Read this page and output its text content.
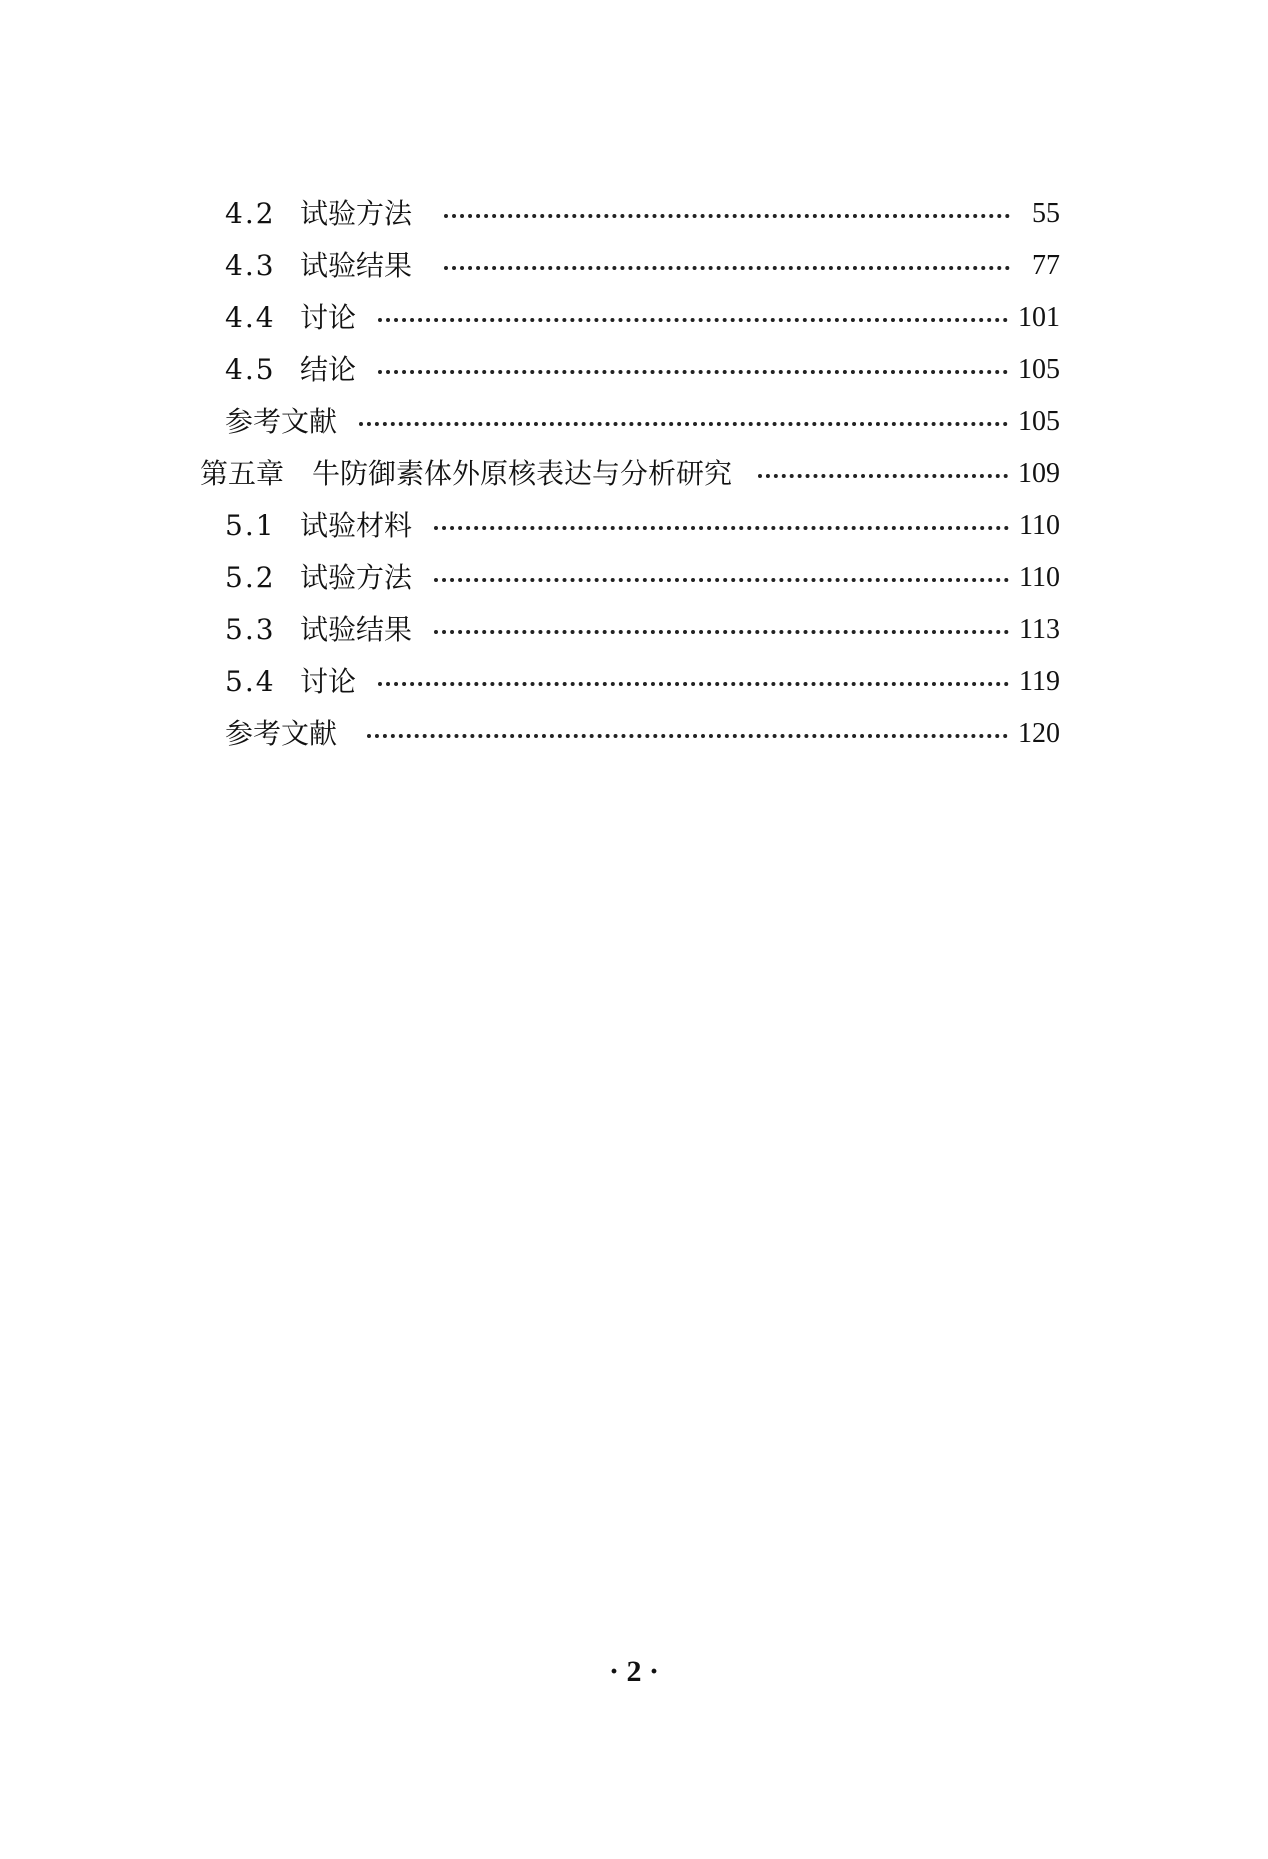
4.2 试验方法	55
4.3 试验结果	77
4.4 讨论	101
4.5 结论	105
参考文献	105
第五章 牛防御素体外原核表达与分析研究	109
5.1 试验材料	110
5.2 试验方法	110
5.3 试验结果	113
5.4 讨论	119
参考文献	120
· 2 ·
